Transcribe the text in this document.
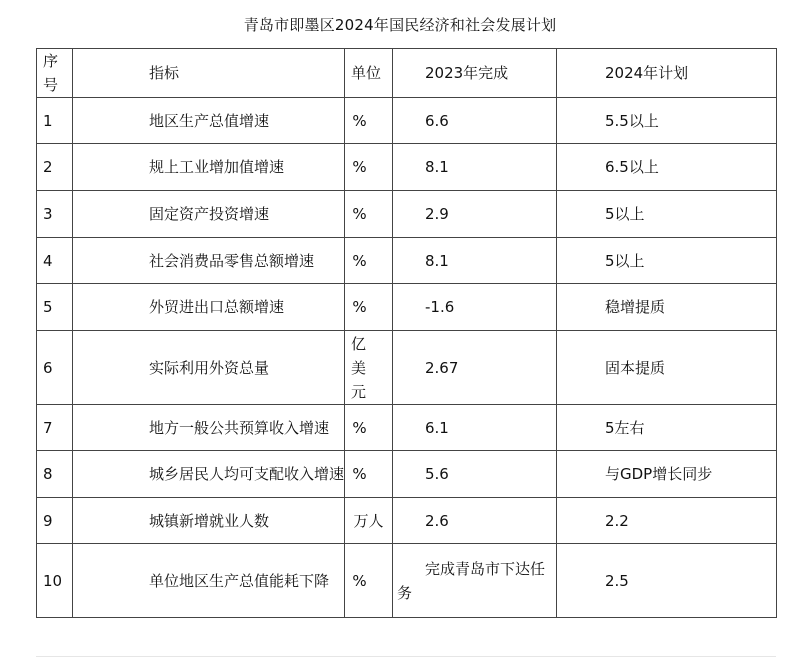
青岛市即墨区2024年国民经济和社会发展计划
序号	指标	单位	2023年完成	2024年计划
1	地区生产总值增速	%	6.6	5.5以上
2	规上工业增加值增速	%	8.1	6.5以上
3	固定资产投资增速	%	2.9	5以上
4	社会消费品零售总额增速	%	8.1	5以上
5	外贸进出口总额增速	%	-1.6	稳增提质
6	实际利用外资总量	亿美元	2.67	固本提质
7	地方一般公共预算收入增速	%	6.1	5左右
8	城乡居民人均可支配收入增速	%	5.6	与GDP增长同步
9	城镇新增就业人数	万人	2.6	2.2
10	单位地区生产总值能耗下降	%	完成青岛市下达任务	2.5
